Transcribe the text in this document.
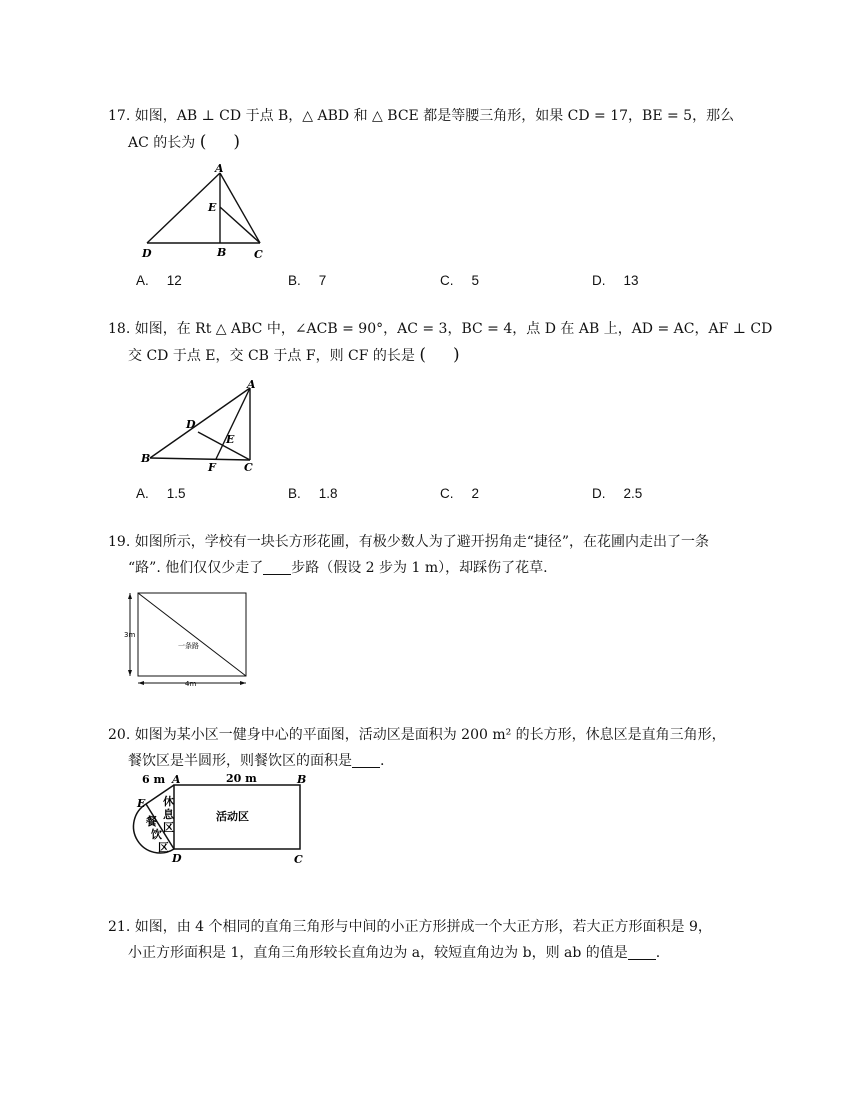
17. 如图，AB ⊥ CD 于点 B，△ ABD 和 △ BCE 都是等腰三角形，如果 CD = 17，BE = 5，那么
AC 的长为 (     )
A
E
D	B	C
A. 12	B. 7	C. 5	D. 13
18. 如图，在 Rt △ ABC 中，∠ACB = 90°，AC = 3，BC = 4，点 D 在 AB 上，AD = AC，AF ⊥ CD
交 CD 于点 E，交 CB 于点 F，则 CF 的长是 (     )
A
D
E
B
F	C
A. 1.5	B. 1.8	C. 2	D. 2.5
19. 如图所示，学校有一块长方形花圃，有极少数人为了避开拐角走“捷径”，在花圃内走出了一条
“路”. 他们仅仅少走了 步路（假设 2 步为 1 m），却踩伤了花草.
3m
4m
一条路
20. 如图为某小区一健身中心的平面图，活动区是面积为 200 m² 的长方形，休息区是直角三角形，
餐饮区是半圆形，则餐饮区的面积是 .
6 m	20 m
A	B
E
D	C
休
息
区
餐
饮
区
活动区
21. 如图，由 4 个相同的直角三角形与中间的小正方形拼成一个大正方形，若大正方形面积是 9，
小正方形面积是 1，直角三角形较长直角边为 a，较短直角边为 b，则 ab 的值是 .
